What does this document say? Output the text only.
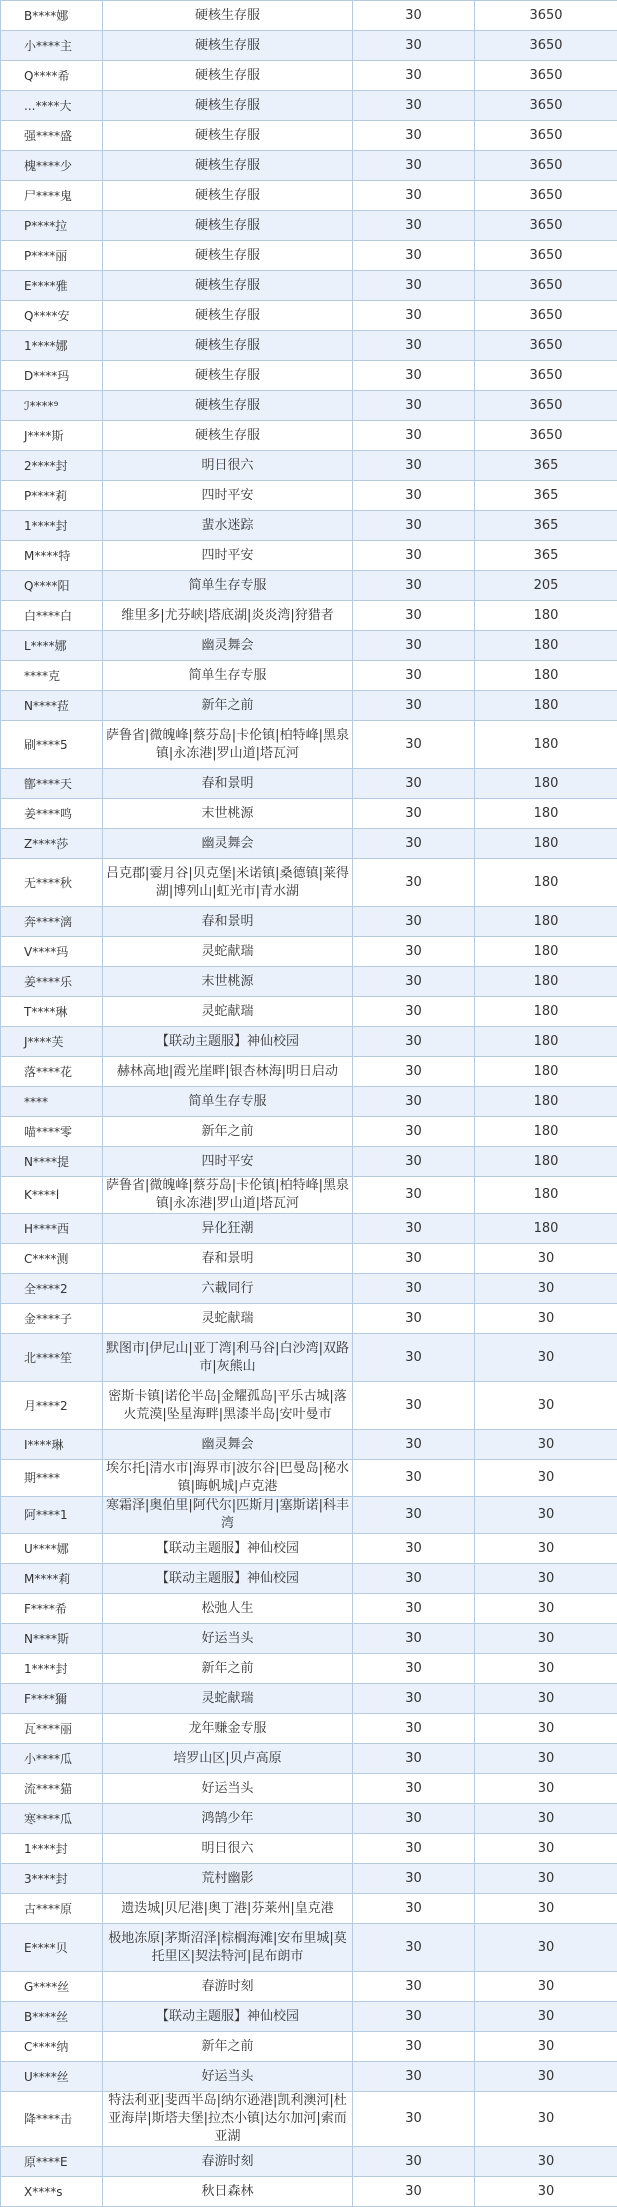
B****娜	硬核生存服	30	3650
小****主	硬核生存服	30	3650
Q****希	硬核生存服	30	3650
...****大	硬核生存服	30	3650
强****盛	硬核生存服	30	3650
槐****少	硬核生存服	30	3650
尸****鬼	硬核生存服	30	3650
P****拉	硬核生存服	30	3650
P****丽	硬核生存服	30	3650
E****雅	硬核生存服	30	3650
Q****安	硬核生存服	30	3650
1****娜	硬核生存服	30	3650
D****玛	硬核生存服	30	3650
ℐ****⁹	硬核生存服	30	3650
J****斯	硬核生存服	30	3650
2****封	明日很六	30	365
P****莉	四时平安	30	365
1****封	蜚水迷踪	30	365
M****特	四时平安	30	365
Q****阳	简单生存专服	30	205
白****白	维里多|尤芬峡|塔底湖|炎炎湾|狩猎者	30	180
L****娜	幽灵舞会	30	180
****克	简单生存专服	30	180
N****菈	新年之前	30	180
刷****5	萨鲁省|微魄峰|蔡芬岛|卡伦镇|柏特峰|黑泉镇|永冻港|罗山道|塔瓦河	30	180
鄫****天	春和景明	30	180
姜****鸣	末世桃源	30	180
Z****莎	幽灵舞会	30	180
无****秋	吕克郡|霎月谷|贝克堡|米诺镇|桑德镇|莱得湖|博列山|虹光市|青水湖	30	180
奔****漓	春和景明	30	180
V****玛	灵蛇献瑞	30	180
姜****乐	末世桃源	30	180
T****琳	灵蛇献瑞	30	180
J****芙	【联动主题服】神仙校园	30	180
落****花	赫林高地|霞光崖畔|银杏林海|明日启动	30	180
****	简单生存专服	30	180
喵****零	新年之前	30	180
N****提	四时平安	30	180
K****l	萨鲁省|微魄峰|蔡芬岛|卡伦镇|柏特峰|黑泉镇|永冻港|罗山道|塔瓦河	30	180
H****西	异化狂潮	30	180
C****测	春和景明	30	30
全****2	六載同行	30	30
金****子	灵蛇献瑞	30	30
北****笙	默图市|伊尼山|亚丁湾|利马谷|白沙湾|双路市|灰熊山	30	30
月****2	密斯卡镇|诺伦半岛|金耀孤岛|平乐古城|落火荒漠|坠星海畔|黑漆半岛|安叶曼市	30	30
I****琳	幽灵舞会	30	30
期****	埃尔托|清水市|海界市|波尔谷|巴曼岛|秘水镇|晦帆城|卢克港	30	30
阿****1	寒霜泽|奥伯里|阿代尔|匹斯月|塞斯诺|科丰湾	30	30
U****娜	【联动主题服】神仙校园	30	30
M****莉	【联动主题服】神仙校园	30	30
F****希	松弛人生	30	30
N****斯	好运当头	30	30
1****封	新年之前	30	30
F****獮	灵蛇献瑞	30	30
瓦****丽	龙年赚金专服	30	30
小****瓜	培罗山区|贝卢高原	30	30
流****猫	好运当头	30	30
寒****瓜	鸿鹄少年	30	30
1****封	明日很六	30	30
3****封	荒村幽影	30	30
古****原	遗迭城|贝尼港|奥丁港|芬莱州|皇克港	30	30
E****贝	极地冻原|茅斯沼泽|棕榈海滩|安布里城|莫托里区|契法特河|昆布朗市	30	30
G****丝	春游时刻	30	30
B****丝	【联动主题服】神仙校园	30	30
C****纳	新年之前	30	30
U****丝	好运当头	30	30
降****击	特法利亚|斐西半岛|纳尔逊港|凯利澳河|杜亚海岸|斯塔夫堡|拉杰小镇|达尔加河|索而亚湖	30	30
原****E	春游时刻	30	30
X****s	秋日森林	30	30
